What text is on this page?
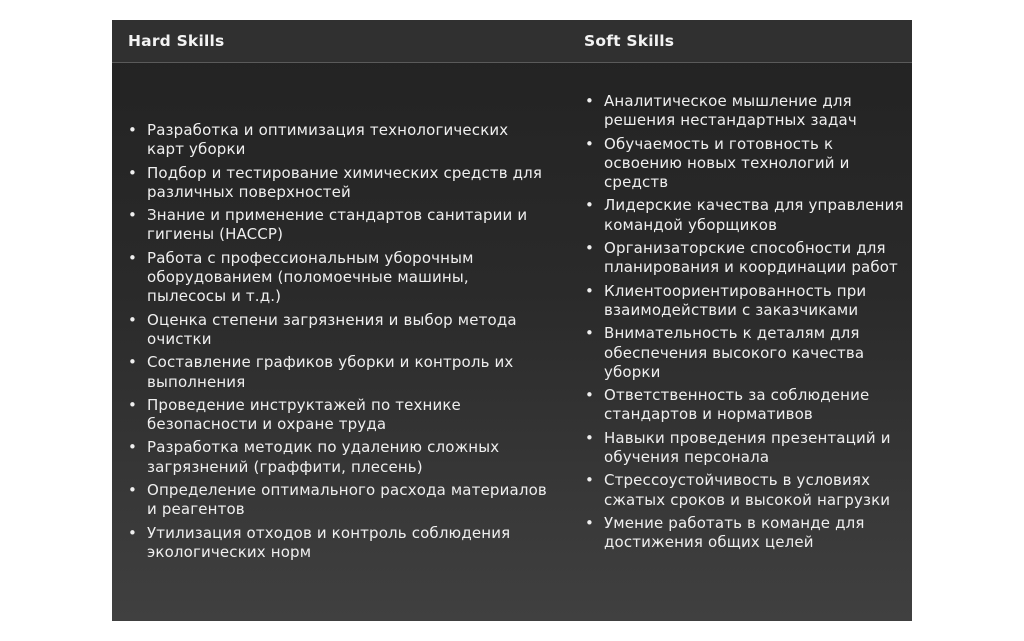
Hard Skills	Soft Skills
• Разработка и оптимизация технологических карт уборки
• Подбор и тестирование химических средств для различных поверхностей
• Знание и применение стандартов санитарии и гигиены (HACCP)
• Работа с профессиональным уборочным оборудованием (поломоечные машины, пылесосы и т.д.)
• Оценка степени загрязнения и выбор метода очистки
• Составление графиков уборки и контроль их выполнения
• Проведение инструктажей по технике безопасности и охране труда
• Разработка методик по удалению сложных загрязнений (граффити, плесень)
• Определение оптимального расхода материалов и реагентов
• Утилизация отходов и контроль соблюдения экологических норм
• Аналитическое мышление для решения нестандартных задач
• Обучаемость и готовность к освоению новых технологий и средств
• Лидерские качества для управления командой уборщиков
• Организаторские способности для планирования и координации работ
• Клиентоориентированность при взаимодействии с заказчиками
• Внимательность к деталям для обеспечения высокого качества уборки
• Ответственность за соблюдение стандартов и нормативов
• Навыки проведения презентаций и обучения персонала
• Стрессоустойчивость в условиях сжатых сроков и высокой нагрузки
• Умение работать в команде для достижения общих целей
